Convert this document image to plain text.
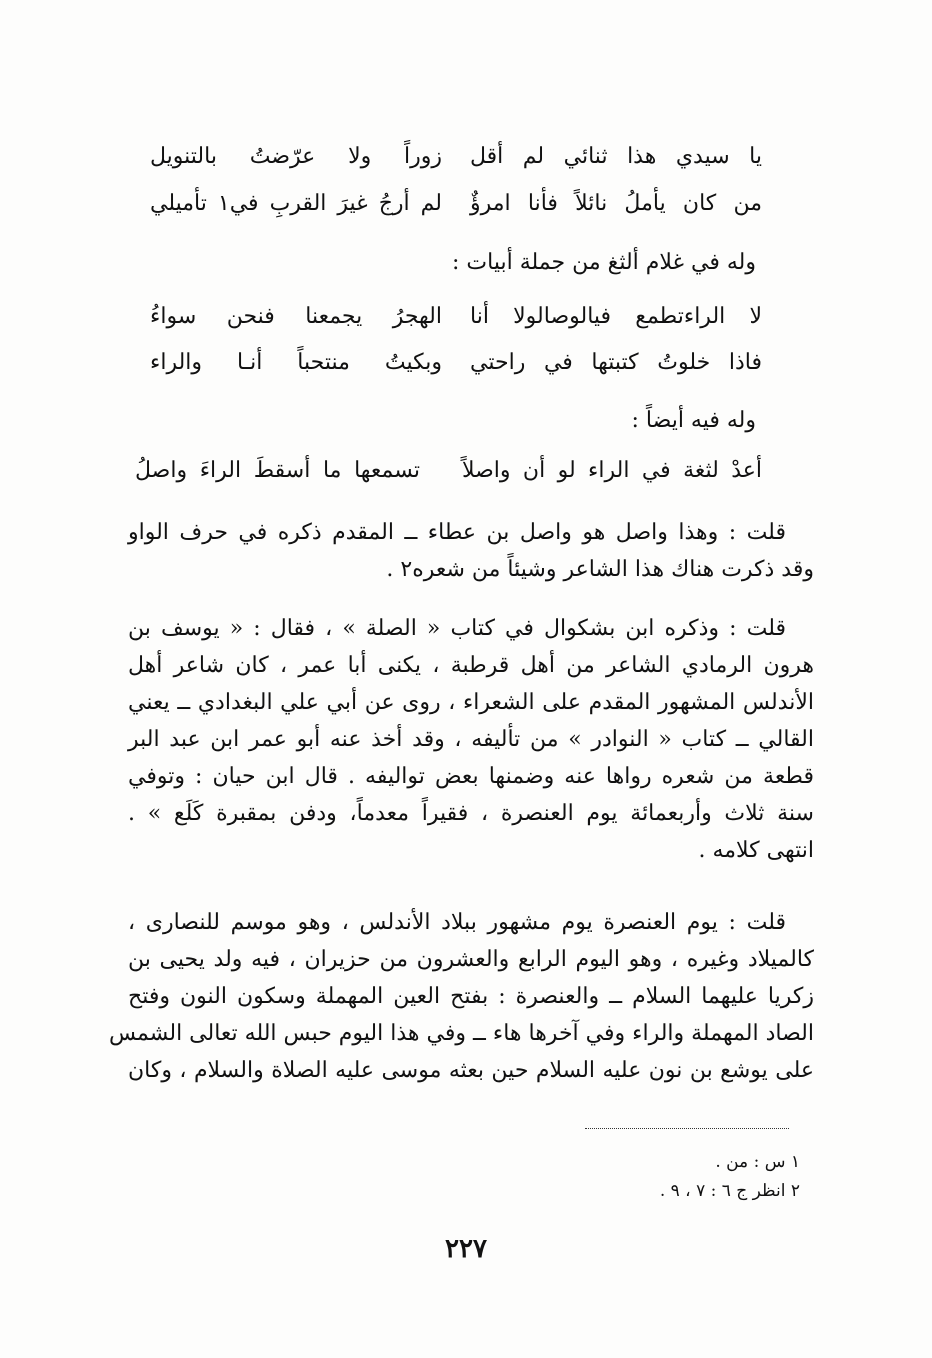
يا سيدي هذا ثنائي لم أقل
زوراً ولا عرّضتُ بالتنويل
من كان يأملُ نائلاً فأنا امرؤٌ
لم أرجُ غيرَ القربِ في١ تأميلي
وله في غلام ألثغ من جملة أبيات :
لا الراءتطمع فيالوصالولا أنا
الهجرُ يجمعنا فنحن سواءُ
فاذا خلوتُ كتبتها في راحتي
وبكيتُ منتحباً أنـا والراء
وله فيه أيضاً :
أعدْ لثغة في الراء لو أن واصلاً
تسمعها ما أسقطَ الراءَ واصلُ
قلت : وهذا واصل هو واصل بن عطاء ــ المقدم ذكره في حرف الواو
وقد ذكرت هناك هذا الشاعر وشيئاً من شعره٢ .
قلت : وذكره ابن بشكوال في كتاب « الصلة » ، فقال : « يوسف بن
هرون الرمادي الشاعر من أهل قرطبة ، يكنى أبا عمر ، كان شاعر أهل
الأندلس المشهور المقدم على الشعراء ، روى عن أبي علي البغدادي ــ يعني
القالي ــ كتاب « النوادر » من تأليفه ، وقد أخذ عنه أبو عمر ابن عبد البر
قطعة من شعره رواها عنه وضمنها بعض تواليفه . قال ابن حيان : وتوفي
سنة ثلاث وأربعمائة يوم العنصرة ، فقيراً معدماً، ودفن بمقبرة كَلَع » .
انتهى كلامه .
قلت : يوم العنصرة يوم مشهور ببلاد الأندلس ، وهو موسم للنصارى ،
كالميلاد وغيره ، وهو اليوم الرابع والعشرون من حزيران ، فيه ولد يحيى بن
زكريا عليهما السلام ــ والعنصرة : بفتح العين المهملة وسكون النون وفتح
الصاد المهملة والراء وفي آخرها هاء ــ وفي هذا اليوم حبس الله تعالى الشمس
على يوشع بن نون عليه السلام حين بعثه موسى عليه الصلاة والسلام ، وكان
١ س : من .
٢ انظر ج ٦ : ٧ ، ٩ .
٢٢٧
